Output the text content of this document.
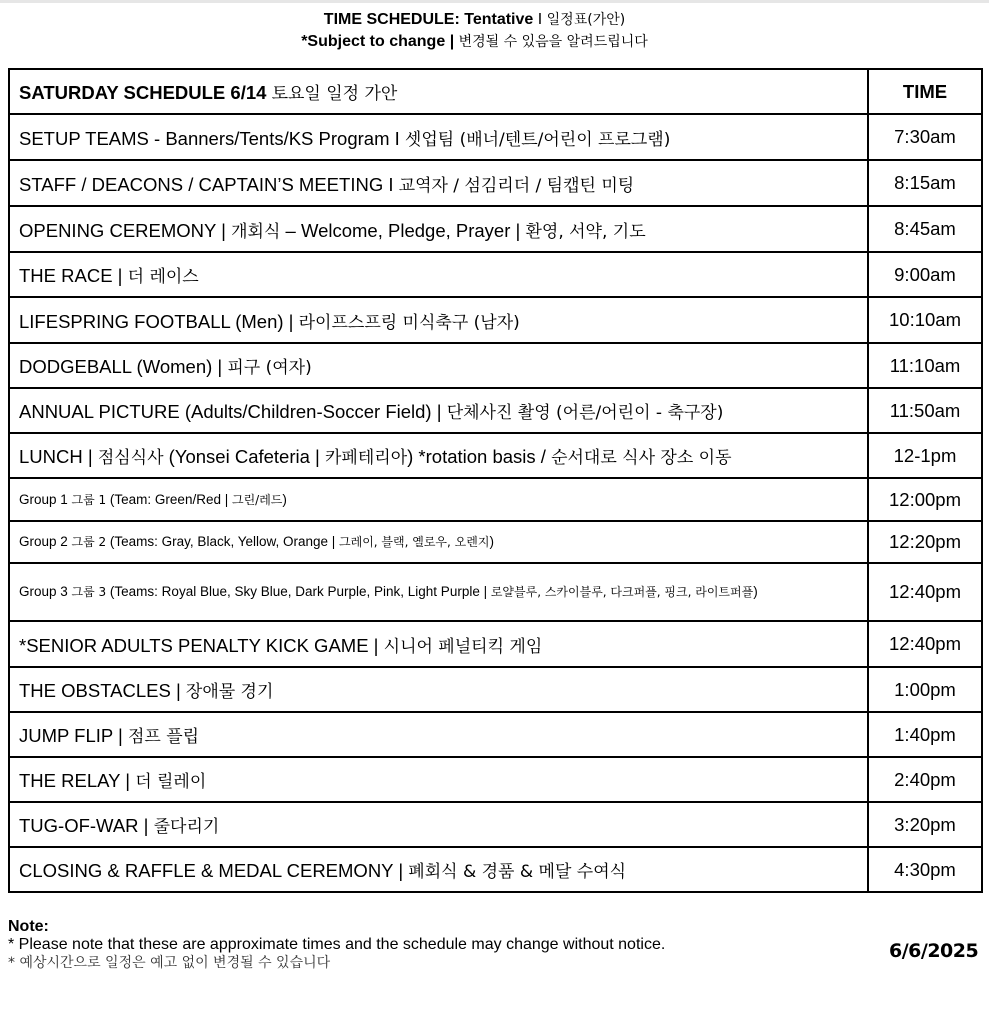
TIME SCHEDULE: Tentative I 일정표(가안)
*Subject to change | 변경될 수 있음을 알려드립니다
SATURDAY SCHEDULE 6/14 토요일 일정 가안	TIME
SETUP TEAMS - Banners/Tents/KS Program I 셋업팀 (배너/텐트/어린이 프로그램)	7:30am
STAFF / DEACONS / CAPTAIN’S MEETING I 교역자 / 섬김리더 / 팀캡틴 미팅	8:15am
OPENING CEREMONY | 개회식 – Welcome, Pledge, Prayer | 환영, 서약, 기도	8:45am
THE RACE | 더 레이스	9:00am
LIFESPRING FOOTBALL (Men) | 라이프스프링 미식축구 (남자)	10:10am
DODGEBALL (Women) | 피구 (여자)	11:10am
ANNUAL PICTURE (Adults/Children-Soccer Field) | 단체사진 촬영 (어른/어린이 - 축구장)	11:50am
LUNCH | 점심식사 (Yonsei Cafeteria | 카페테리아) *rotation basis / 순서대로 식사 장소 이동	12-1pm
Group 1 그룹 1 (Team: Green/Red | 그린/레드)	12:00pm
Group 2 그룹 2 (Teams: Gray, Black, Yellow, Orange | 그레이, 블랙, 옐로우, 오렌지)	12:20pm
Group 3 그룹 3 (Teams: Royal Blue, Sky Blue, Dark Purple, Pink, Light Purple | 로얄블루, 스카이블루, 다크퍼플, 핑크, 라이트퍼플)	12:40pm
*SENIOR ADULTS PENALTY KICK GAME | 시니어 페널티킥 게임	12:40pm
THE OBSTACLES | 장애물 경기	1:00pm
JUMP FLIP | 점프 플립	1:40pm
THE RELAY | 더 릴레이	2:40pm
TUG-OF-WAR | 줄다리기	3:20pm
CLOSING & RAFFLE & MEDAL CEREMONY | 폐회식 & 경품 & 메달 수여식	4:30pm
Note:
* Please note that these are approximate times and the schedule may change without notice.
* 예상시간으로 일정은 예고 없이 변경될 수 있습니다
6/6/2025
